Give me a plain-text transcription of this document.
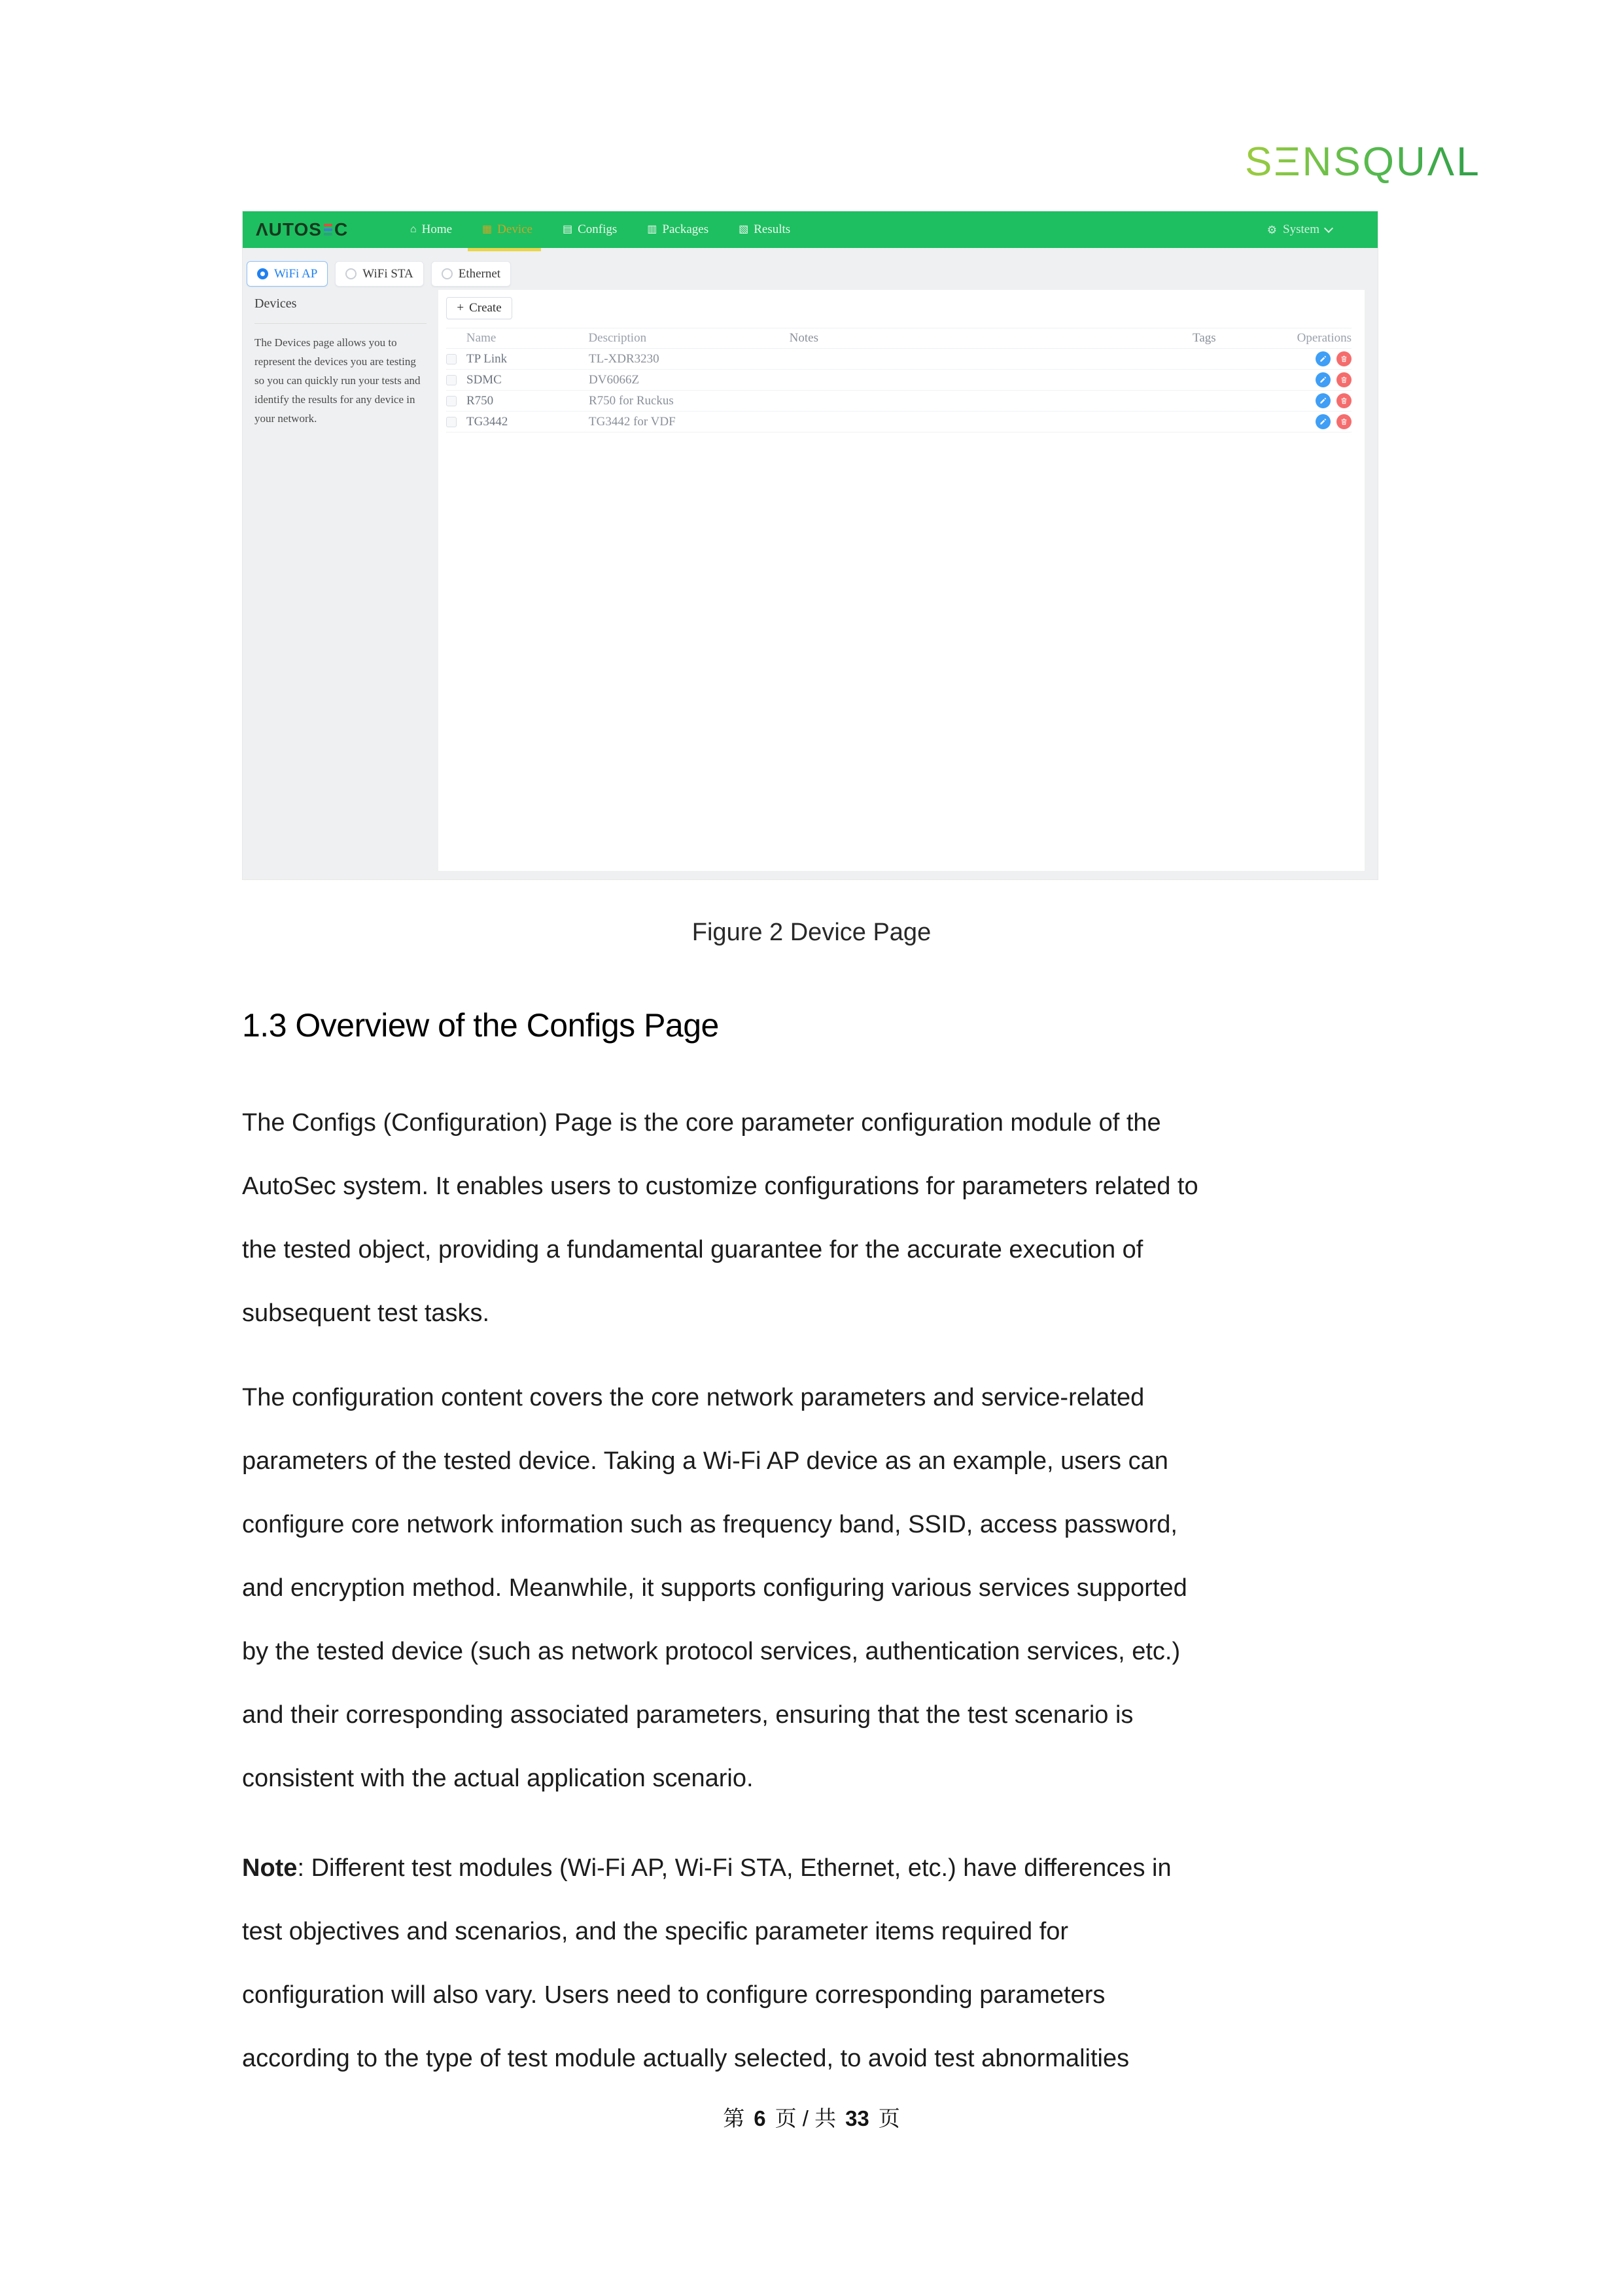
SΞNSQUΛL
ΛUTOS C	⌂ Home	▦ Device	▤ Configs	▥ Packages	▧ Results	⚙ System
WiFi AP	WiFi STA	Ethernet
Devices
The Devices page allows you to represent the devices you are testing so you can quickly run your tests and identify the results for any device in your network.
+ Create
Name	Description	Notes	Tags	Operations
TP Link	TL-XDR3230
SDMC	DV6066Z
R750	R750 for Ruckus
TG3442	TG3442 for VDF
Figure 2 Device Page
1.3 Overview of the Configs Page
The Configs (Configuration) Page is the core parameter configuration module of the
AutoSec system. It enables users to customize configurations for parameters related to
the tested object, providing a fundamental guarantee for the accurate execution of
subsequent test tasks.
The configuration content covers the core network parameters and service-related
parameters of the tested device. Taking a Wi-Fi AP device as an example, users can
configure core network information such as frequency band, SSID, access password,
and encryption method. Meanwhile, it supports configuring various services supported
by the tested device (such as network protocol services, authentication services, etc.)
and their corresponding associated parameters, ensuring that the test scenario is
consistent with the actual application scenario.
Note: Different test modules (Wi-Fi AP, Wi-Fi STA, Ethernet, etc.) have differences in
test objectives and scenarios, and the specific parameter items required for
configuration will also vary. Users need to configure corresponding parameters
according to the type of test module actually selected, to avoid test abnormalities
第 6 页 / 共 33 页
